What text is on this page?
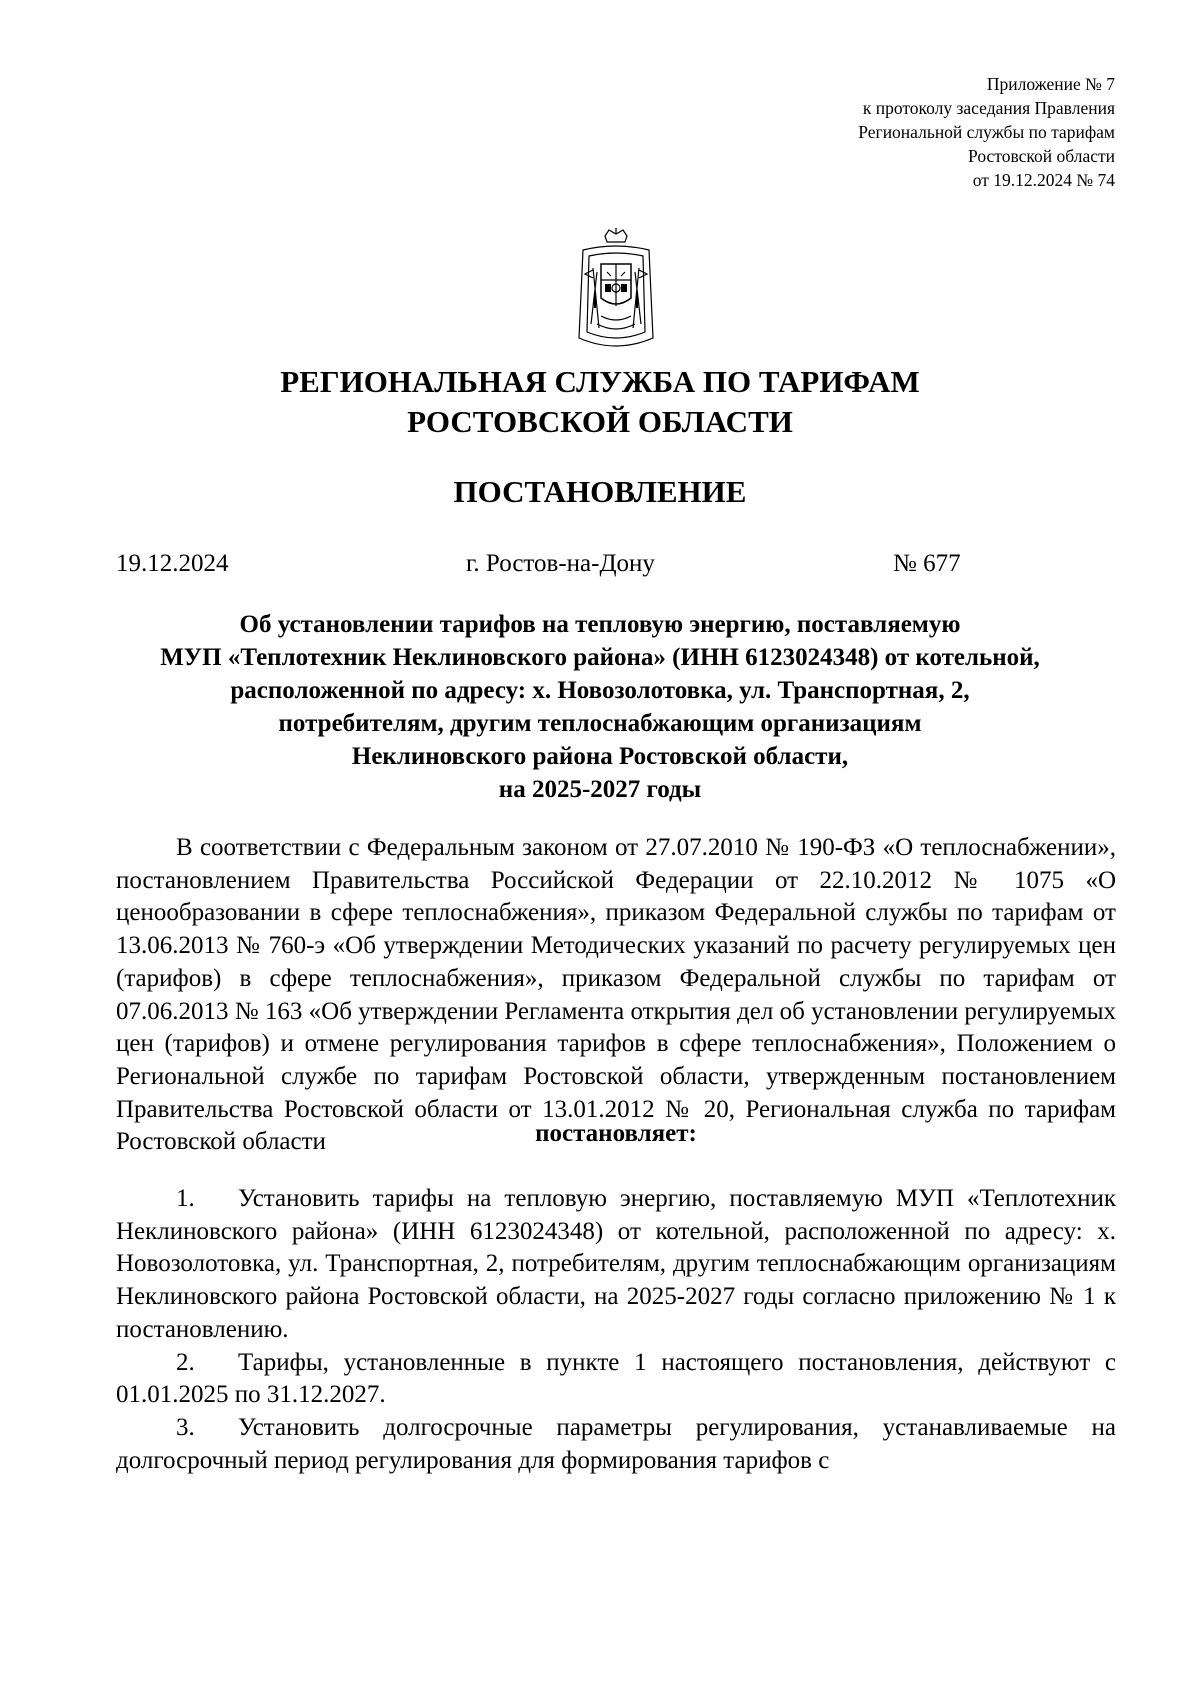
Приложение № 7
к протоколу заседания Правления
Региональной службы по тарифам
Ростовской области
от 19.12.2024 № 74
РЕГИОНАЛЬНАЯ СЛУЖБА ПО ТАРИФАМ
РОСТОВСКОЙ ОБЛАСТИ
ПОСТАНОВЛЕНИЕ
19.12.2024	г. Ростов-на-Дону	№ 677
Об установлении тарифов на тепловую энергию, поставляемую
МУП «Теплотехник Неклиновского района» (ИНН 6123024348) от котельной,
расположенной по адресу: х. Новозолотовка, ул. Транспортная, 2,
потребителям, другим теплоснабжающим организациям
Неклиновского района Ростовской области,
на 2025-2027 годы
В соответствии с Федеральным законом от 27.07.2010 № 190-ФЗ «О теплоснабжении», постановлением Правительства Российской Федерации от 22.10.2012 № 1075 «О ценообразовании в сфере теплоснабжения», приказом Федеральной службы по тарифам от 13.06.2013 № 760-э «Об утверждении Методических указаний по расчету регулируемых цен (тарифов) в сфере теплоснабжения», приказом Федеральной службы по тарифам от 07.06.2013 № 163 «Об утверждении Регламента открытия дел об установлении регулируемых цен (тарифов) и отмене регулирования тарифов в сфере теплоснабжения», Положением о Региональной службе по тарифам Ростовской области, утвержденным постановлением Правительства Ростовской области от 13.01.2012 № 20, Региональная служба по тарифам Ростовской области	постановляет:

1. Установить тарифы на тепловую энергию, поставляемую МУП «Теплотехник Неклиновского района» (ИНН 6123024348) от котельной, расположенной по адресу: х. Новозолотовка, ул. Транспортная, 2, потребителям, другим теплоснабжающим организациям Неклиновского района Ростовской области, на 2025-2027 годы согласно приложению № 1 к постановлению.

2. Тарифы, установленные в пункте 1 настоящего постановления, действуют с 01.01.2025 по 31.12.2027.

3. Установить долгосрочные параметры регулирования, устанавливаемые на долгосрочный период регулирования для формирования тарифов с
